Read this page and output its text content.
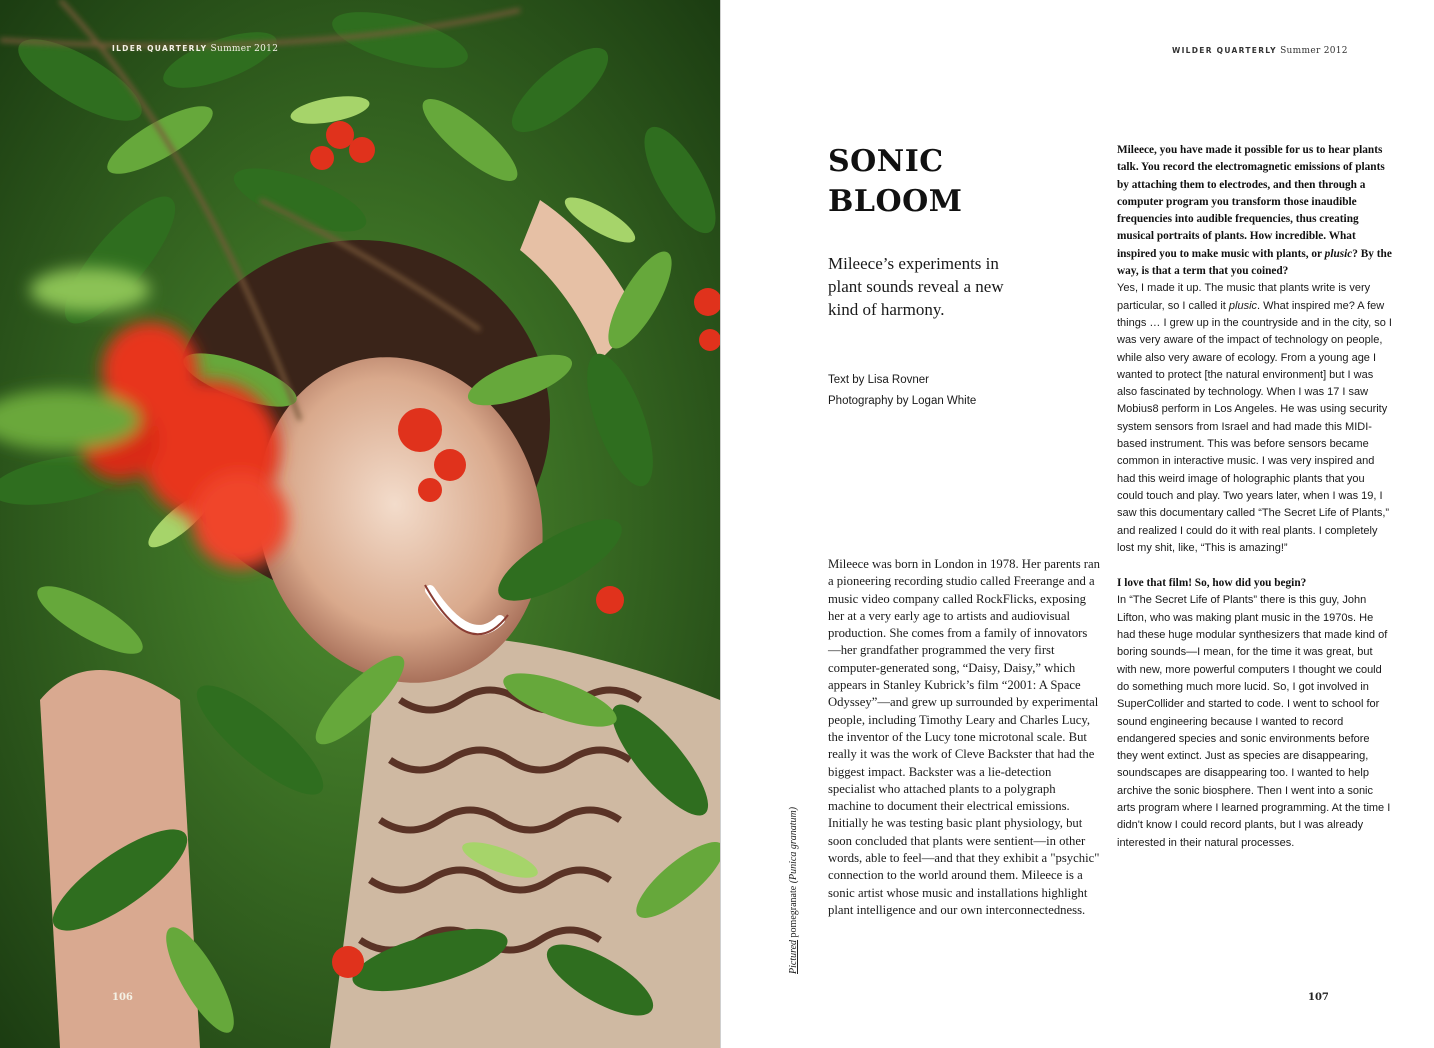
ILDER QUARTERLY Summer 2012
106
WILDER QUARTERLY Summer 2012
SONIC
BLOOM
Mileece’s experiments in plant sounds reveal a new kind of harmony.
Text by Lisa Rovner
Photography by Logan White
Pictured pomegranate (Punica granatum)
Mileece was born in London in 1978. Her parents ran a pioneering recording studio called Freerange and a music video company called RockFlicks, exposing her at a very early age to artists and audiovisual production. She comes from a family of innovators—her grandfather programmed the very first computer-generated song, “Daisy, Daisy,” which appears in Stanley Kubrick’s film “2001: A Space Odyssey”—and grew up surrounded by experimental people, including Timothy Leary and Charles Lucy, the inventor of the Lucy tone microtonal scale. But really it was the work of Cleve Backster that had the biggest impact. Backster was a lie-detection specialist who attached plants to a polygraph machine to document their electrical emissions. Initially he was testing basic plant physiology, but soon concluded that plants were sentient—in other words, able to feel—and that they exhibit a "psychic" connection to the world around them. Mileece is a sonic artist whose music and installations highlight plant intelligence and our own interconnectedness.

Mileece, you have made it possible for us to hear plants talk. You record the electromagnetic emissions of plants by attaching them to electrodes, and then through a computer program you transform those inaudible frequencies into audible frequencies, thus creating musical portraits of plants. How incredible. What inspired you to make music with plants, or plusic? By the way, is that a term that you coined?

Yes, I made it up. The music that plants write is very particular, so I called it plusic. What inspired me? A few things … I grew up in the countryside and in the city, so I was very aware of the impact of technology on people, while also very aware of ecology. From a young age I wanted to protect [the natural environment] but I was also fascinated by technology. When I was 17 I saw Mobius8 perform in Los Angeles. He was using security system sensors from Israel and had made this MIDI-based instrument. This was before sensors became common in interactive music. I was very inspired and had this weird image of holographic plants that you could touch and play. Two years later, when I was 19, I saw this documentary called “The Secret Life of Plants,” and realized I could do it with real plants. I completely lost my shit, like, “This is amazing!”

I love that film! So, how did you begin?

In “The Secret Life of Plants” there is this guy, John Lifton, who was making plant music in the 1970s. He had these huge modular synthesizers that made kind of boring sounds—I mean, for the time it was great, but with new, more powerful computers I thought we could do something much more lucid. So, I got involved in SuperCollider and started to code. I went to school for sound engineering because I wanted to record endangered species and sonic environments before they went extinct. Just as species are disappearing, soundscapes are disappearing too. I wanted to help archive the sonic biosphere. Then I went into a sonic arts program where I learned programming. At the time I didn't know I could record plants, but I was already interested in their natural processes.

107
